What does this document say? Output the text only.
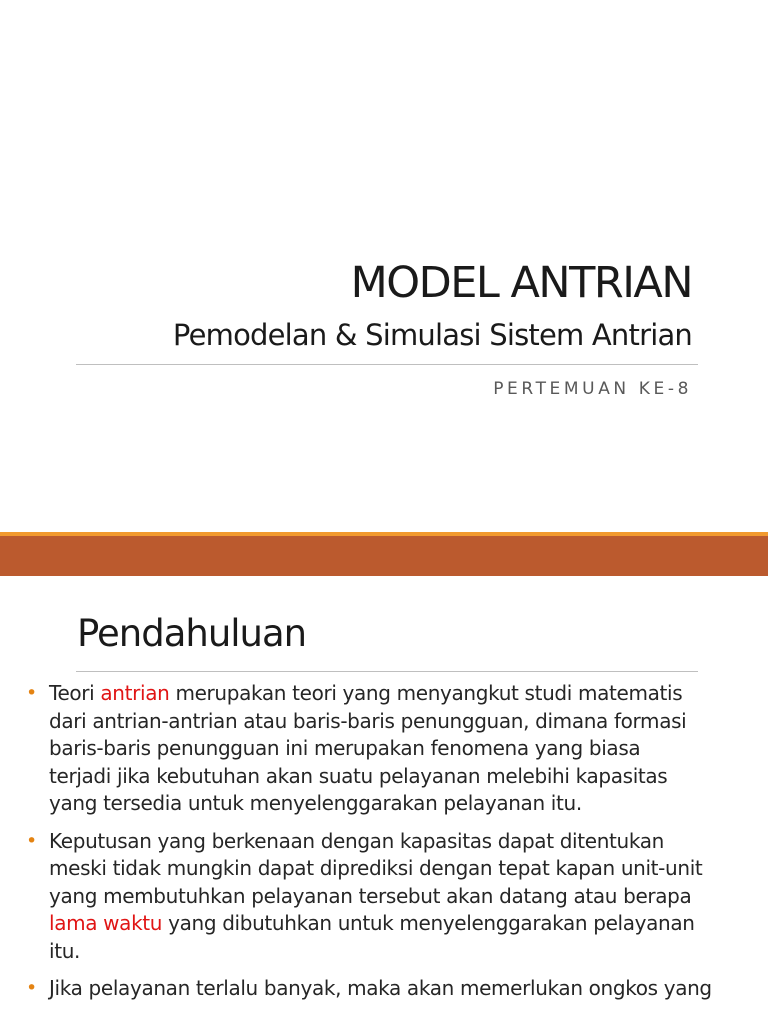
MODEL ANTRIAN
Pemodelan & Simulasi Sistem Antrian
PERTEMUAN KE-8
Pendahuluan
• Teori antrian merupakan teori yang menyangkut studi matematis
dari antrian-antrian atau baris-baris penungguan, dimana formasi
baris-baris penungguan ini merupakan fenomena yang biasa
terjadi jika kebutuhan akan suatu pelayanan melebihi kapasitas
yang tersedia untuk menyelenggarakan pelayanan itu.
• Keputusan yang berkenaan dengan kapasitas dapat ditentukan
meski tidak mungkin dapat diprediksi dengan tepat kapan unit-unit
yang membutuhkan pelayanan tersebut akan datang atau berapa
lama waktu yang dibutuhkan untuk menyelenggarakan pelayanan
itu.
• Jika pelayanan terlalu banyak, maka akan memerlukan ongkos yang
